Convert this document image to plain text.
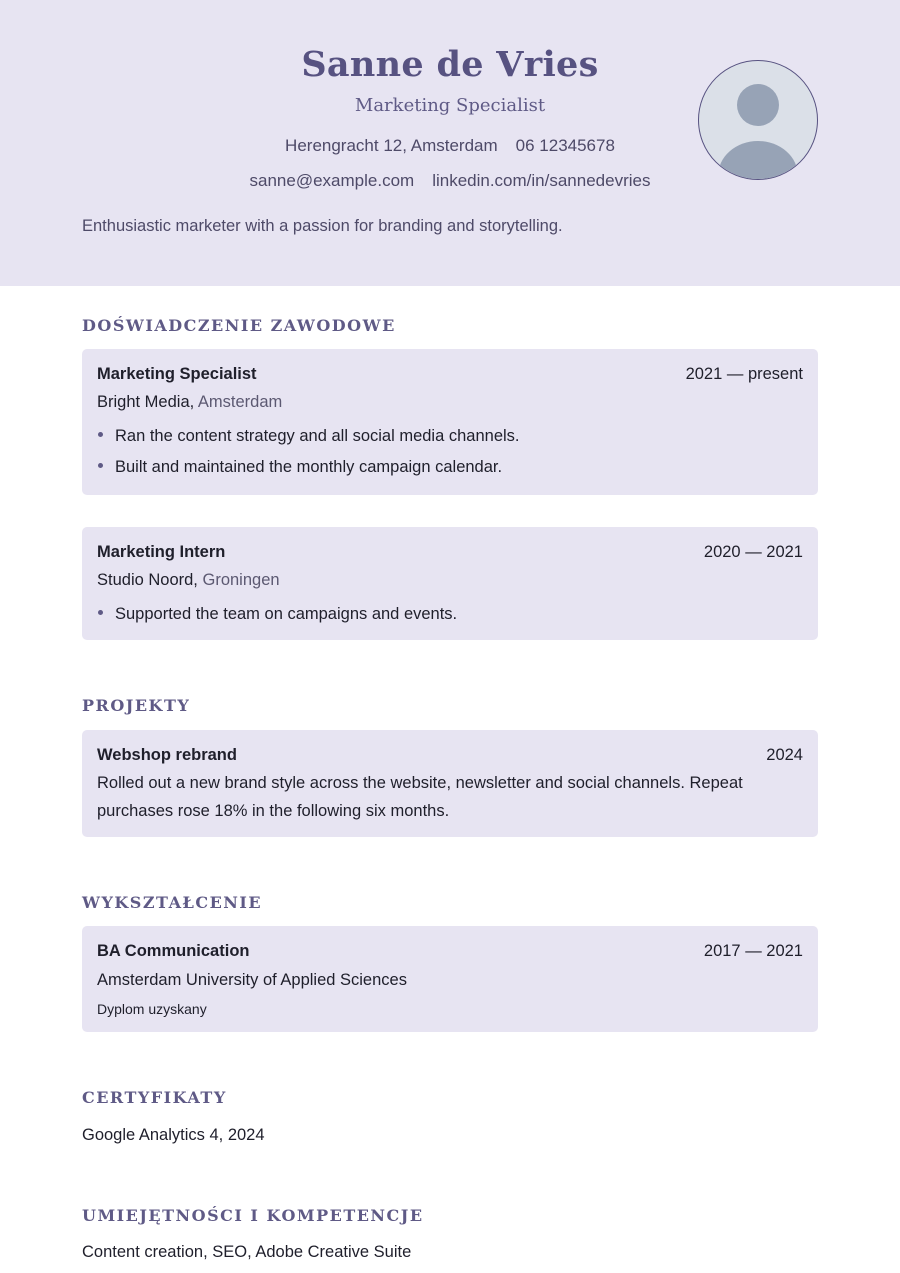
Sanne de Vries
Marketing Specialist
Herengracht 12, Amsterdam 06 12345678
sanne@example.com linkedin.com/in/sannedevries
Enthusiastic marketer with a passion for branding and storytelling.
DOŚWIADCZENIE ZAWODOWE
Marketing Specialist	2021 — present
Bright Media, Amsterdam
Ran the content strategy and all social media channels.
Built and maintained the monthly campaign calendar.
Marketing Intern	2020 — 2021
Studio Noord, Groningen
Supported the team on campaigns and events.
PROJEKTY
Webshop rebrand	2024
Rolled out a new brand style across the website, newsletter and social channels. Repeat purchases rose 18% in the following six months.
WYKSZTAŁCENIE
BA Communication	2017 — 2021
Amsterdam University of Applied Sciences
Dyplom uzyskany
CERTYFIKATY
Google Analytics 4, 2024
UMIEJĘTNOŚCI I KOMPETENCJE
Content creation, SEO, Adobe Creative Suite
